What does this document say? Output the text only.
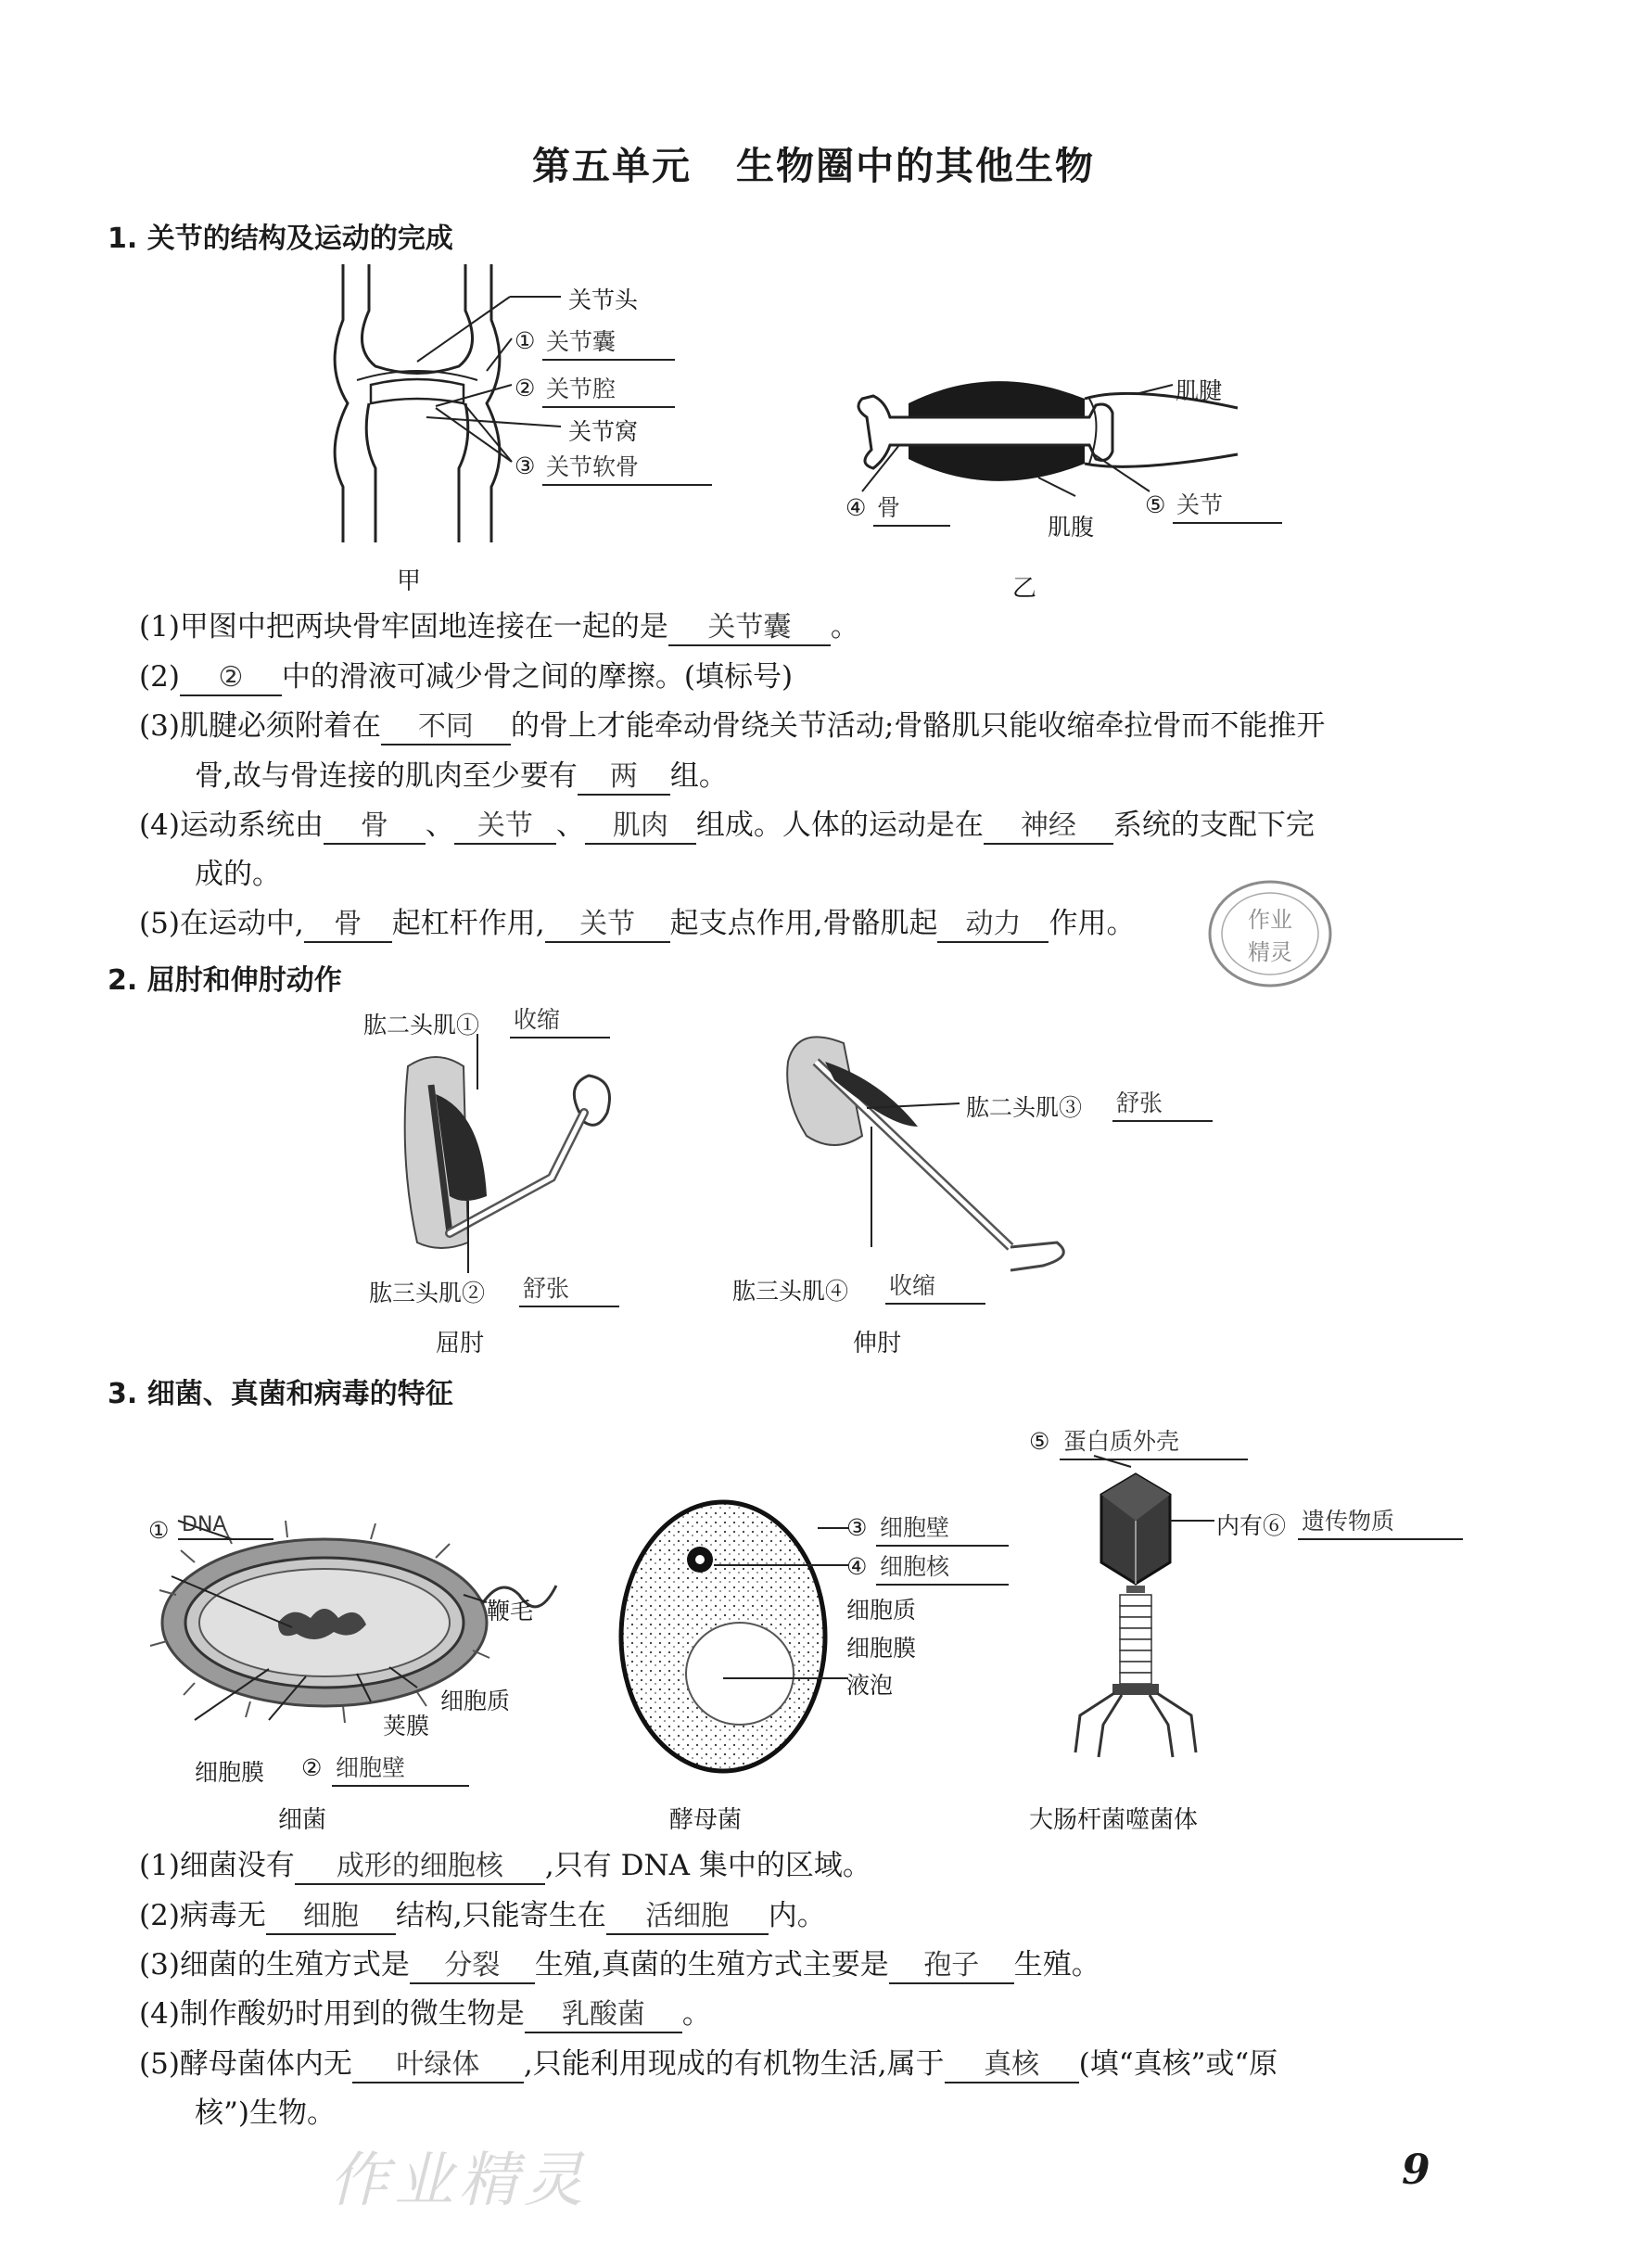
第五单元 生物圈中的其他生物
1. 关节的结构及运动的完成
关节头
① 关节囊
② 关节腔
关节窝
③ 关节软骨
甲
肌腱
④ 骨
肌腹
⑤ 关节
乙
(1)甲图中把两块骨牢固地连接在一起的是 关节囊 。
(2) ② 中的滑液可减少骨之间的摩擦。(填标号)
(3)肌腱必须附着在 不同 的骨上才能牵动骨绕关节活动;骨骼肌只能收缩牵拉骨而不能推开
骨,故与骨连接的肌肉至少要有 两 组。
(4)运动系统由 骨 、 关节 、 肌肉 组成。人体的运动是在 神经 系统的支配下完
成的。
(5)在运动中, 骨 起杠杆作用, 关节 起支点作用,骨骼肌起 动力 作用。	作业
精灵
2. 屈肘和伸肘动作
肱二头肌① 收缩
肱三头肌② 舒张
屈肘
肱二头肌③ 舒张
肱三头肌④ 收缩
伸肘
3. 细菌、真菌和病毒的特征
① DNA
鞭毛
细胞质
荚膜
细胞膜 ② 细胞壁
细菌
③ 细胞壁
④ 细胞核
细胞质
细胞膜
液泡
酵母菌
⑤ 蛋白质外壳
内有⑥ 遗传物质
大肠杆菌噬菌体
(1)细菌没有 成形的细胞核 ,只有 DNA 集中的区域。
(2)病毒无 细胞 结构,只能寄生在 活细胞 内。
(3)细菌的生殖方式是 分裂 生殖,真菌的生殖方式主要是 孢子 生殖。
(4)制作酸奶时用到的微生物是 乳酸菌 。
(5)酵母菌体内无 叶绿体 ,只能利用现成的有机物生活,属于 真核 (填“真核”或“原
核”)生物。
作业精灵	9
